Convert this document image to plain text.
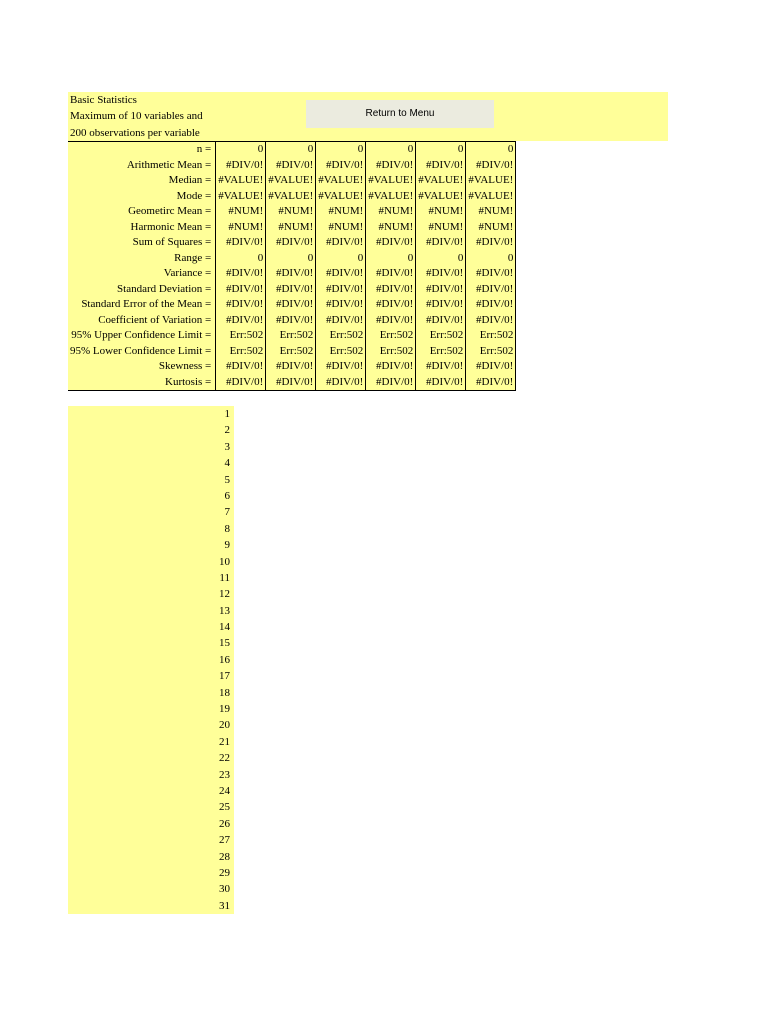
Basic Statistics
Maximum of 10 variables and
200 observations per variable
Return to Menu
n =	0	0	0	0	0	0
Arithmetic Mean =	#DIV/0!	#DIV/0!	#DIV/0!	#DIV/0!	#DIV/0!	#DIV/0!
Median =	#VALUE!	#VALUE!	#VALUE!	#VALUE!	#VALUE!	#VALUE!
Mode =	#VALUE!	#VALUE!	#VALUE!	#VALUE!	#VALUE!	#VALUE!
Geometirc Mean =	#NUM!	#NUM!	#NUM!	#NUM!	#NUM!	#NUM!
Harmonic Mean =	#NUM!	#NUM!	#NUM!	#NUM!	#NUM!	#NUM!
Sum of Squares =	#DIV/0!	#DIV/0!	#DIV/0!	#DIV/0!	#DIV/0!	#DIV/0!
Range =	0	0	0	0	0	0
Variance =	#DIV/0!	#DIV/0!	#DIV/0!	#DIV/0!	#DIV/0!	#DIV/0!
Standard Deviation =	#DIV/0!	#DIV/0!	#DIV/0!	#DIV/0!	#DIV/0!	#DIV/0!
Standard Error of the Mean =	#DIV/0!	#DIV/0!	#DIV/0!	#DIV/0!	#DIV/0!	#DIV/0!
Coefficient of Variation =	#DIV/0!	#DIV/0!	#DIV/0!	#DIV/0!	#DIV/0!	#DIV/0!
95% Upper Confidence Limit =	Err:502	Err:502	Err:502	Err:502	Err:502	Err:502
95% Lower Confidence Limit =	Err:502	Err:502	Err:502	Err:502	Err:502	Err:502
Skewness =	#DIV/0!	#DIV/0!	#DIV/0!	#DIV/0!	#DIV/0!	#DIV/0!
Kurtosis =	#DIV/0!	#DIV/0!	#DIV/0!	#DIV/0!	#DIV/0!	#DIV/0!
1
2
3
4
5
6
7
8
9
10
11
12
13
14
15
16
17
18
19
20
21
22
23
24
25
26
27
28
29
30
31
